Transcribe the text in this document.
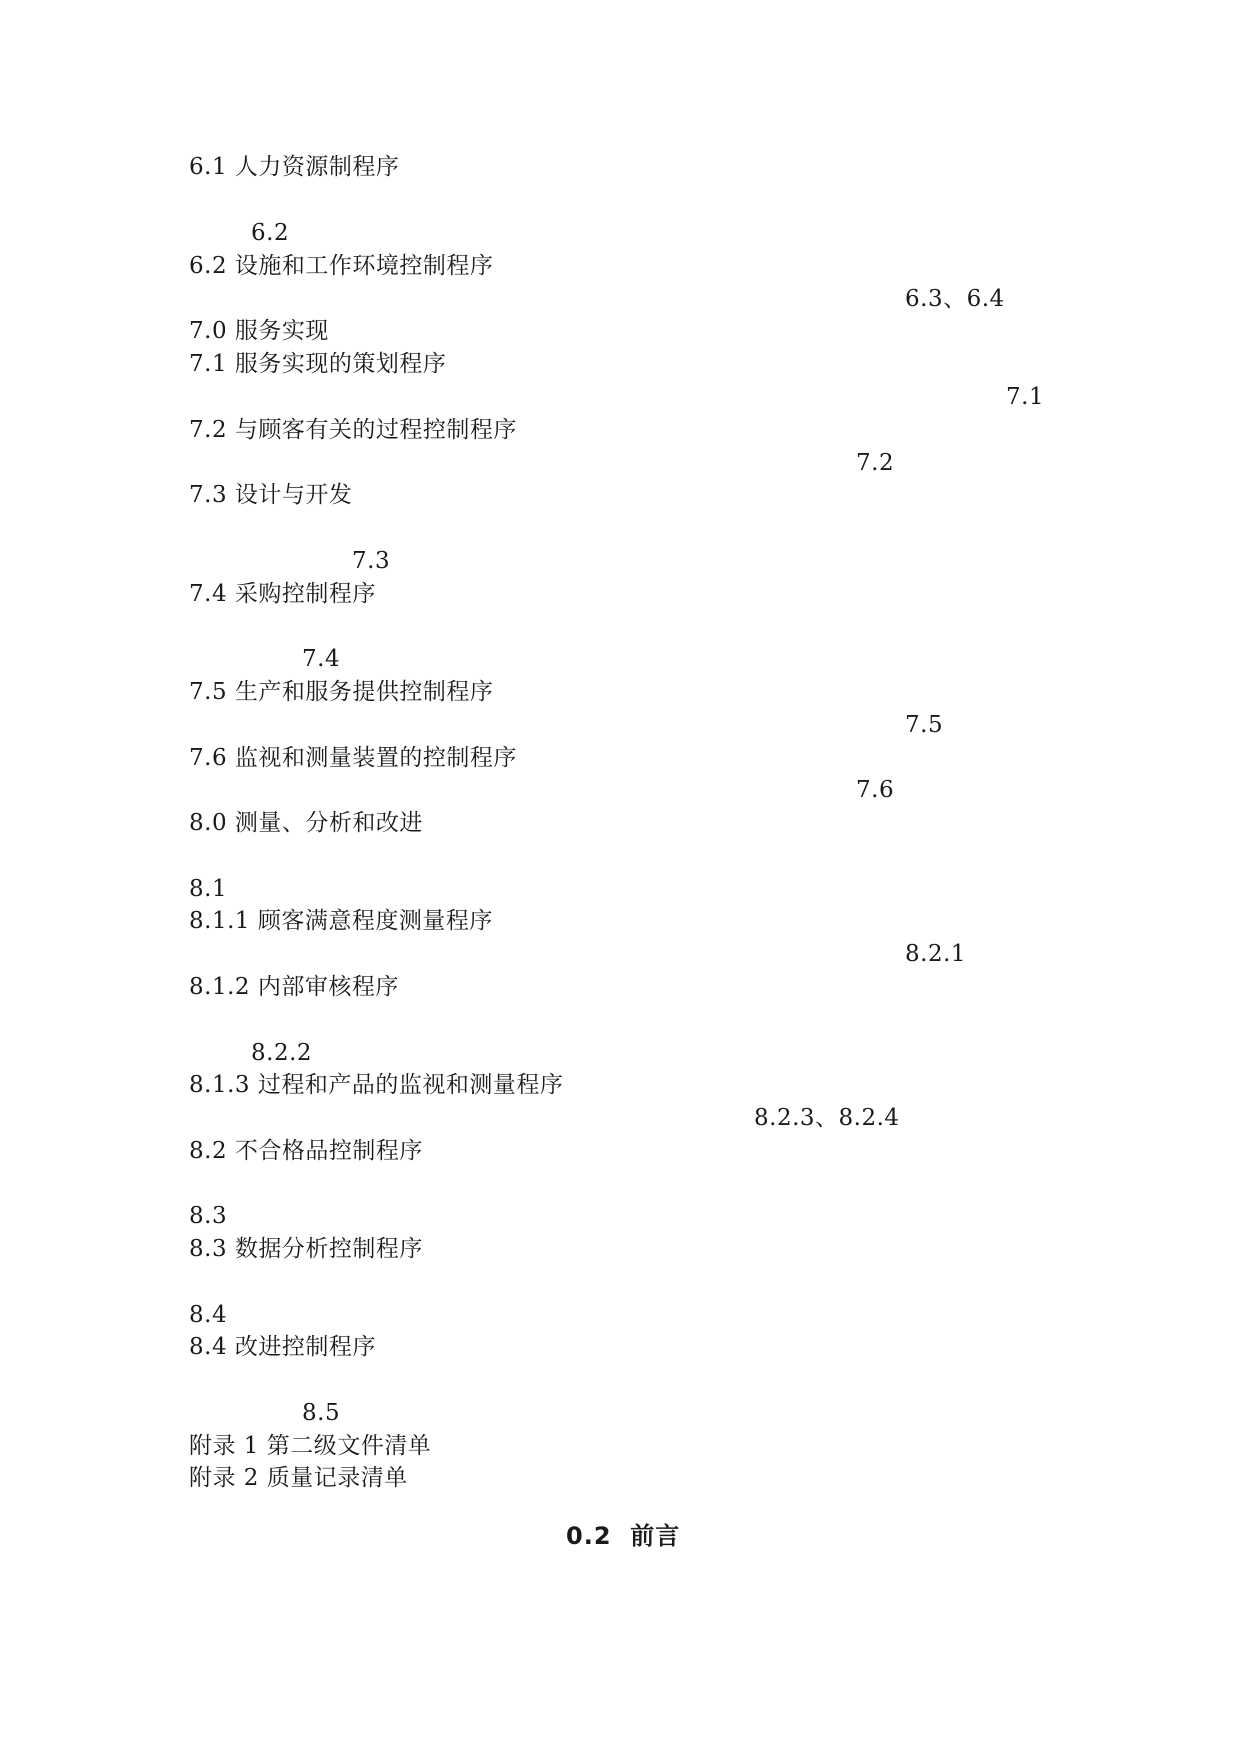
6.1 人力资源制程序
6.2
6.2 设施和工作环境控制程序
6.3、6.4
7.0 服务实现
7.1 服务实现的策划程序
7.1
7.2 与顾客有关的过程控制程序
7.2
7.3 设计与开发
7.3
7.4 采购控制程序
7.4
7.5 生产和服务提供控制程序
7.5
7.6 监视和测量装置的控制程序
7.6
8.0 测量、分析和改进
8.1
8.1.1 顾客满意程度测量程序
8.2.1
8.1.2 内部审核程序
8.2.2
8.1.3 过程和产品的监视和测量程序
8.2.3、8.2.4
8.2 不合格品控制程序
8.3
8.3 数据分析控制程序
8.4
8.4 改进控制程序
8.5
附录 1 第二级文件清单
附录 2 质量记录清单
0.2  前言
